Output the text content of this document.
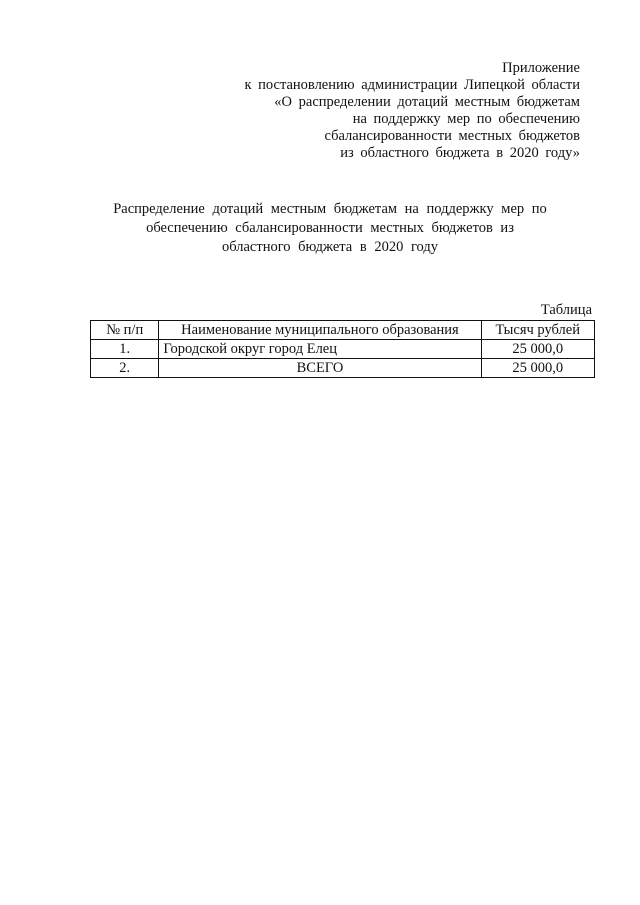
Приложение
к постановлению администрации Липецкой области
«О распределении дотаций местным бюджетам
на поддержку мер по обеспечению
сбалансированности местных бюджетов
из областного бюджета в 2020 году»
Распределение дотаций местным бюджетам на поддержку мер по
обеспечению сбалансированности местных бюджетов из
областного бюджета в 2020 году
Таблица
№ п/п	Наименование муниципального образования	Тысяч рублей
1.	Городской округ город Елец	25 000,0
2.	ВСЕГО	25 000,0
